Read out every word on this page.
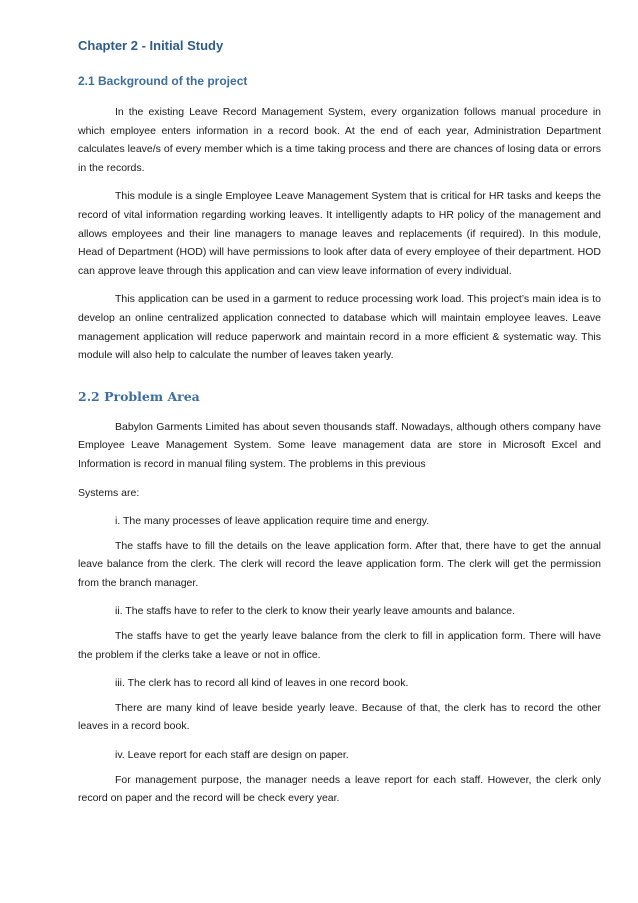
Chapter 2 - Initial Study
2.1 Background of the project

In the existing Leave Record Management System, every organization follows manual procedure in which employee enters information in a record book. At the end of each year, Administration Department calculates leave/s of every member which is a time taking process and there are chances of losing data or errors in the records.

This module is a single Employee Leave Management System that is critical for HR tasks and keeps the record of vital information regarding working leaves. It intelligently adapts to HR policy of the management and allows employees and their line managers to manage leaves and replacements (if required). In this module, Head of Department (HOD) will have permissions to look after data of every employee of their department. HOD can approve leave through this application and can view leave information of every individual.

This application can be used in a garment to reduce processing work load. This project’s main idea is to develop an online centralized application connected to database which will maintain employee leaves. Leave management application will reduce paperwork and maintain record in a more efficient & systematic way. This module will also help to calculate the number of leaves taken yearly.

2.2 Problem Area

Babylon Garments Limited has about seven thousands staff. Nowadays, although others company have Employee Leave Management System. Some leave management data are store in Microsoft Excel and Information is record in manual filing system. The problems in this previous

Systems are:

i. The many processes of leave application require time and energy.

The staffs have to fill the details on the leave application form. After that, there have to get the annual leave balance from the clerk. The clerk will record the leave application form. The clerk will get the permission from the branch manager.

ii. The staffs have to refer to the clerk to know their yearly leave amounts and balance.

The staffs have to get the yearly leave balance from the clerk to fill in application form. There will have the problem if the clerks take a leave or not in office.

iii. The clerk has to record all kind of leaves in one record book.

There are many kind of leave beside yearly leave. Because of that, the clerk has to record the other leaves in a record book.

iv. Leave report for each staff are design on paper.

For management purpose, the manager needs a leave report for each staff. However, the clerk only record on paper and the record will be check every year.
